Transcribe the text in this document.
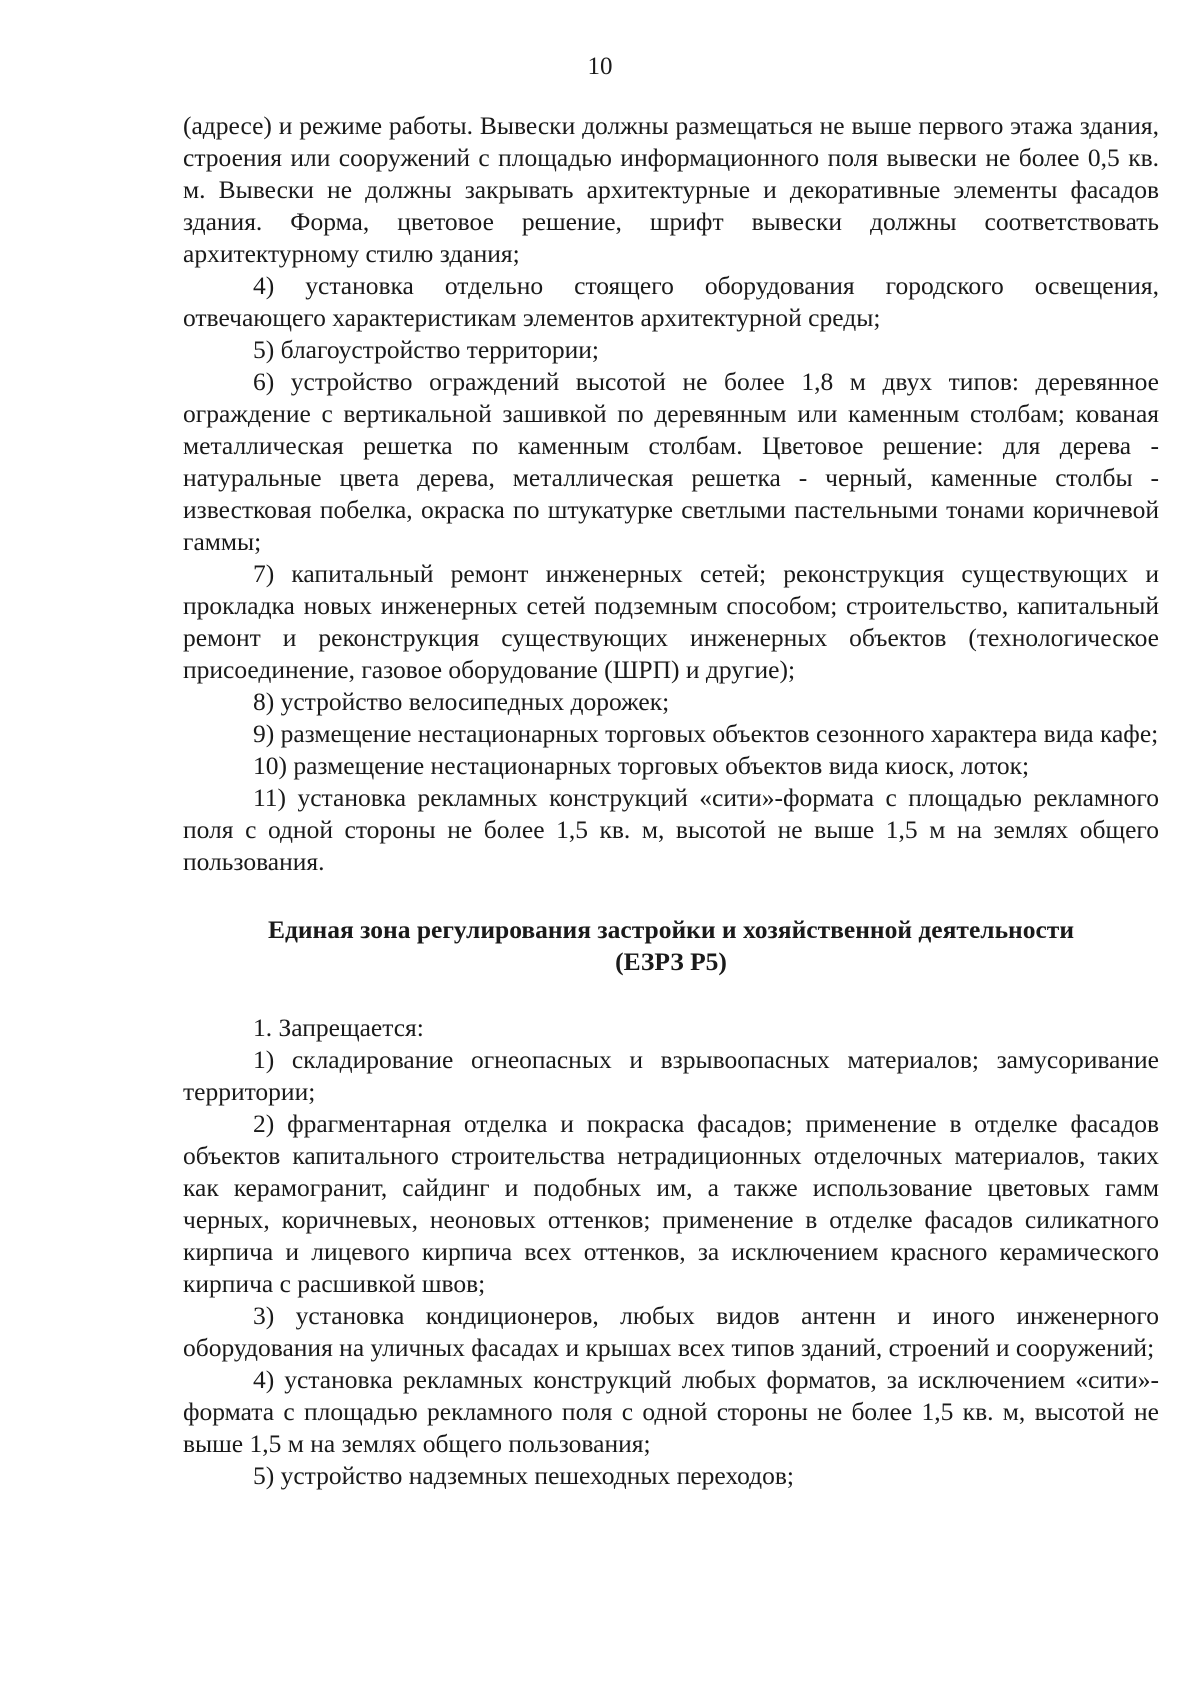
10

(адресе) и режиме работы. Вывески должны размещаться не выше первого этажа здания, строения или сооружений с площадью информационного поля вывески не более 0,5 кв. м. Вывески не должны закрывать архитектурные и декоративные элементы фасадов здания. Форма, цветовое решение, шрифт вывески должны соответствовать архитектурному стилю здания;

4) установка отдельно стоящего оборудования городского освещения, отвечающего характеристикам элементов архитектурной среды;

5) благоустройство территории;

6) устройство ограждений высотой не более 1,8 м двух типов: деревянное ограждение с вертикальной зашивкой по деревянным или каменным столбам; кованая металлическая решетка по каменным столбам. Цветовое решение: для дерева - натуральные цвета дерева, металлическая решетка - черный, каменные столбы - известковая побелка, окраска по штукатурке светлыми пастельными тонами коричневой гаммы;

7) капитальный ремонт инженерных сетей; реконструкция существующих и прокладка новых инженерных сетей подземным способом; строительство, капитальный ремонт и реконструкция существующих инженерных объектов (технологическое присоединение, газовое оборудование (ШРП) и другие);

8) устройство велосипедных дорожек;

9) размещение нестационарных торговых объектов сезонного характера вида кафе;

10) размещение нестационарных торговых объектов вида киоск, лоток;

11) установка рекламных конструкций «сити»-формата с площадью рекламного поля с одной стороны не более 1,5 кв. м, высотой не выше 1,5 м на землях общего пользования.

Единая зона регулирования застройки и хозяйственной деятельности
(ЕЗРЗ Р5)

1. Запрещается:

1) складирование огнеопасных и взрывоопасных материалов; замусоривание территории;

2) фрагментарная отделка и покраска фасадов; применение в отделке фасадов объектов капитального строительства нетрадиционных отделочных материалов, таких как керамогранит, сайдинг и подобных им, а также использование цветовых гамм черных, коричневых, неоновых оттенков; применение в отделке фасадов силикатного кирпича и лицевого кирпича всех оттенков, за исключением красного керамического кирпича с расшивкой швов;

3) установка кондиционеров, любых видов антенн и иного инженерного оборудования на уличных фасадах и крышах всех типов зданий, строений и сооружений;

4) установка рекламных конструкций любых форматов, за исключением «сити»-формата с площадью рекламного поля с одной стороны не более 1,5 кв. м, высотой не выше 1,5 м на землях общего пользования;

5) устройство надземных пешеходных переходов;
